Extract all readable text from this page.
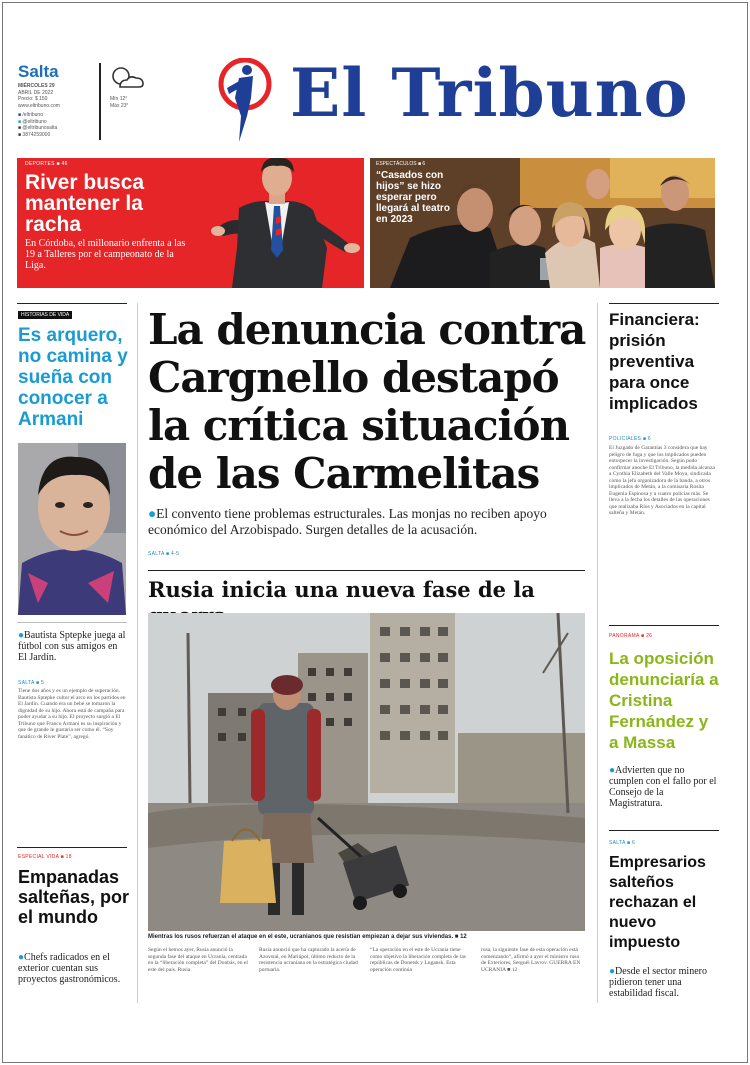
Salta
MIÉRCOLES 29
ABRIL DE 2022
Precio: $ 150
www.eltribuno.com
■ /eltribuno
■ @eltribuno
■ @eltribunosalta
■ 3874259000
Mín 12°
Máx 23° El Tribuno
DEPORTES ■ 46
River busca mantener la racha
En Córdoba, el millonario enfrenta a las 19 a Talleres por el campeonato de la Liga.
ESPECTÁCULOS ■ 6
“Casados con hijos” se hizo esperar pero llegará al teatro en 2023
HISTORIAS DE VIDA
Es arquero, no camina y sueña con conocer a Armani
●Bautista Sptepke juega al fútbol con sus amigos en El Jardín.
SALTA ■ 5
Tiene dos años y es un ejemplo de superación. Bautista Sptepke cultor el arco en los partidos en El Jardín. Cuando era un bebé se tomaron la dignidad de su hijo. Ahora está de campaña para poder ayudar a su hijo. El proyecto surgió a El Tribuno que Franco Armani es su inspiración y que de grande le gustaría ser como él. “Soy fanático de River Plate”, agregó.
ESPECIAL VIDA ■ 18
Empanadas salteñas, por el mundo
●Chefs radicados en el exterior cuentan sus proyectos gastronómicos.
La denuncia contra Cargnello destapó la crítica situación de las Carmelitas
●El convento tiene problemas estructurales. Las monjas no reciben apoyo económico del Arzobispado. Surgen detalles de la acusación.
SALTA ■ 4-5
Rusia inicia una nueva fase de la
Mientras los rusos refuerzan el ataque en el este, ucranianos que resistían empiezan a dejar sus viviendas. ■ 12
Según el hemos ayer, Rusia anunció la segunda fase del ataque en Ucrania, centrada en la “liberación completa” del Donbás, en el este del país. Rusia
Rusia anunció que ha capturado la acería de Azovstal, en Mariúpol, último reducto de la resistencia ucraniana en la estratégica ciudad portuaria.
“La operación en el este de Ucrania tiene como objetivo la liberación completa de las repúblicas de Donetsk y Lugansk. Esta operación continúa
rusa, la siguiente fase de esta operación está comenzando”, afirmó a ayer el ministro ruso de Exteriores, Serguéi Lavrov. GUERRA EN UCRANIA ■ 12
Financiera: prisión preventiva para once implicados
POLICIALES ■ 6
El Juzgado de Garantías 3 considera que hay peligro de fuga y que los implicados pueden entorpecer la investigación. Según pudo confirmar anoche El Tribuno, la medida alcanza a Cynthia Elizabeth del Valle Moya, sindicada como la jefa organizadora de la banda, a otros implicados de Metán, a la comisaria Rosita Eugenia Espinosa y a cuatro policías más. Se lleva a la fecha los detalles de las operaciones que realizaba Ríos y Asociados en la capital salteña y Metán.
PANORAMA ■ 26
La oposición denunciaría a Cristina Fernández y a Massa
●Advierten que no cumplen con el fallo por el Consejo de la Magistratura.
SALTA ■ 6
Empresarios salteños rechazan el nuevo impuesto
●Desde el sector minero pidieron tener una estabilidad fiscal.
